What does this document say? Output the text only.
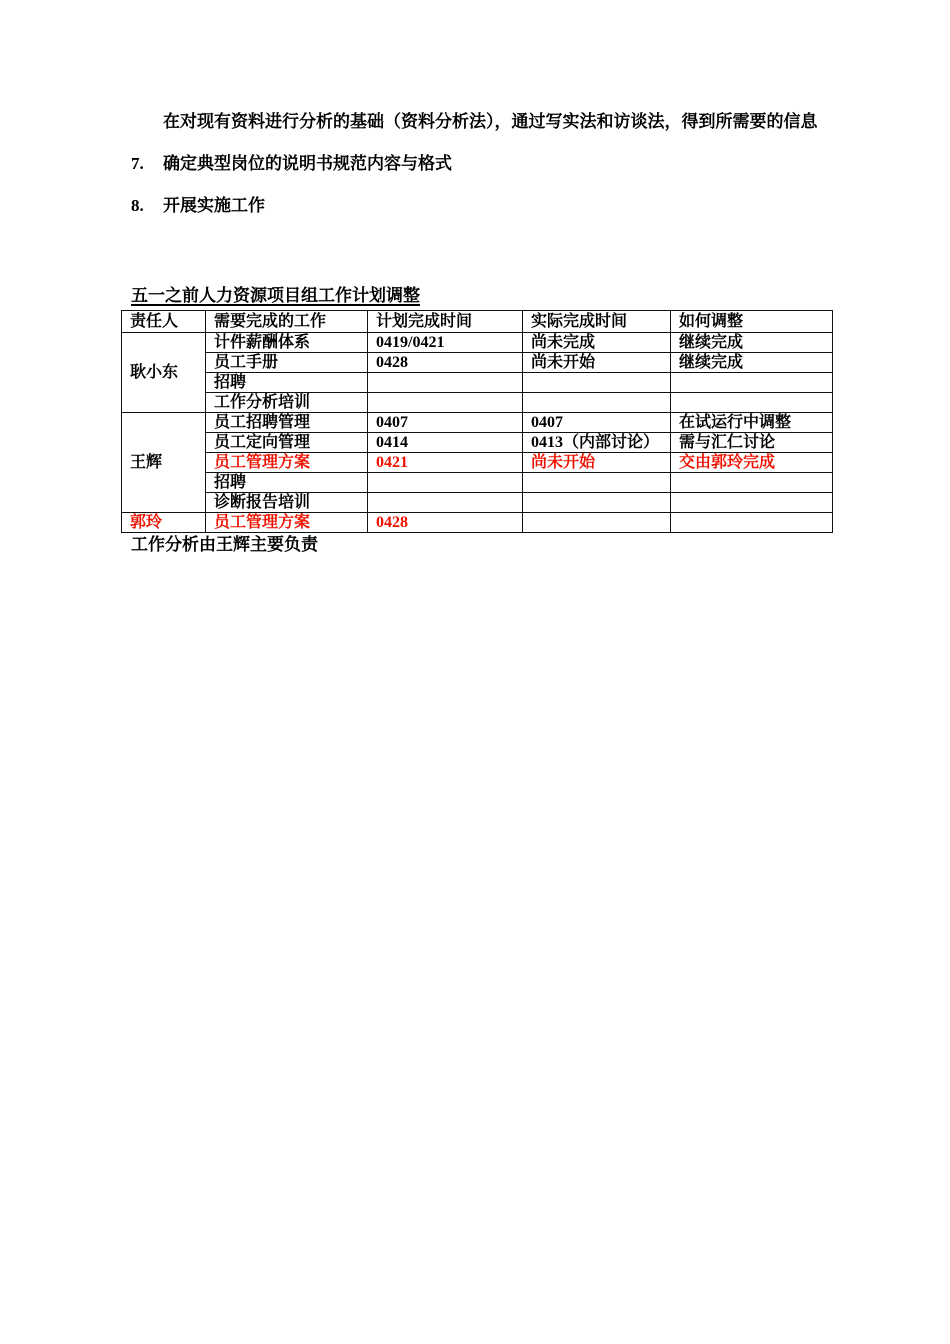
在对现有资料进行分析的基础（资料分析法），通过写实法和访谈法，得到所需要的信息

7. 确定典型岗位的说明书规范内容与格式

8. 开展实施工作

五一之前人力资源项目组工作计划调整
责任人	需要完成的工作	计划完成时间	实际完成时间	如何调整
耿小东	计件薪酬体系	0419/0421	尚未完成	继续完成
	员工手册	0428	尚未开始	继续完成
	招聘			
	工作分析培训			
王辉	员工招聘管理	0407	0407	在试运行中调整
	员工定向管理	0414	0413（内部讨论）	需与汇仁讨论
	员工管理方案	0421	尚未开始	交由郭玲完成
	招聘			
	诊断报告培训			
郭玲	员工管理方案	0428		

工作分析由王辉主要负责
